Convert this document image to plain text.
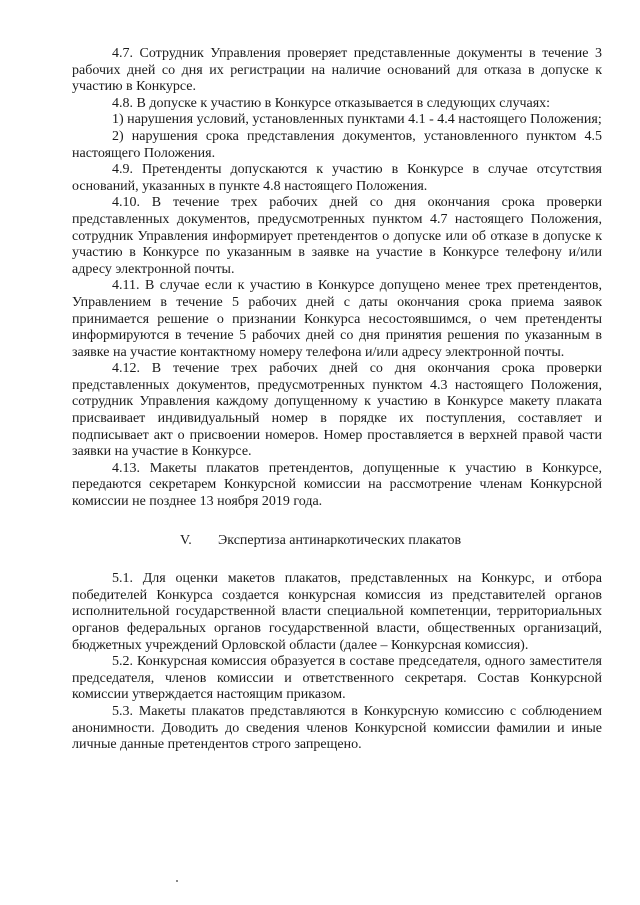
4.7. Сотрудник Управления проверяет представленные документы в течение 3 рабочих дней со дня их регистрации на наличие оснований для отказа в допуске к участию в Конкурсе.

4.8. В допуске к участию в Конкурсе отказывается в следующих случаях:

1) нарушения условий, установленных пунктами 4.1 - 4.4 настоящего Положения;

2) нарушения срока представления документов, установленного пунктом 4.5 настоящего Положения.

4.9. Претенденты допускаются к участию в Конкурсе в случае отсутствия оснований, указанных в пункте 4.8 настоящего Положения.

4.10. В течение трех рабочих дней со дня окончания срока проверки представленных документов, предусмотренных пунктом 4.7 настоящего Положения, сотрудник Управления информирует претендентов о допуске или об отказе в допуске к участию в Конкурсе по указанным в заявке на участие в Конкурсе телефону и/или адресу электронной почты.

4.11. В случае если к участию в Конкурсе допущено менее трех претендентов, Управлением в течение 5 рабочих дней с даты окончания срока приема заявок принимается решение о признании Конкурса несостоявшимся, о чем претенденты информируются в течение 5 рабочих дней со дня принятия решения по указанным в заявке на участие контактному номеру телефона и/или адресу электронной почты.

4.12. В течение трех рабочих дней со дня окончания срока проверки представленных документов, предусмотренных пунктом 4.3 настоящего Положения, сотрудник Управления каждому допущенному к участию в Конкурсе макету плаката присваивает индивидуальный номер в порядке их поступления, составляет и подписывает акт о присвоении номеров. Номер проставляется в верхней правой части заявки на участие в Конкурсе.

4.13. Макеты плакатов претендентов, допущенные к участию в Конкурсе, передаются секретарем Конкурсной комиссии на рассмотрение членам Конкурсной комиссии не позднее 13 ноября 2019 года.

V. Экспертиза антинаркотических плакатов

5.1. Для оценки макетов плакатов, представленных на Конкурс, и отбора победителей Конкурса создается конкурсная комиссия из представителей органов исполнительной государственной власти специальной компетенции, территориальных органов федеральных органов государственной власти, общественных организаций, бюджетных учреждений Орловской области (далее – Конкурсная комиссия).

5.2. Конкурсная комиссия образуется в составе председателя, одного заместителя председателя, членов комиссии и ответственного секретаря. Состав Конкурсной комиссии утверждается настоящим приказом.

5.3. Макеты плакатов представляются в Конкурсную комиссию с соблюдением анонимности. Доводить до сведения членов Конкурсной комиссии фамилии и иные личные данные претендентов строго запрещено.
